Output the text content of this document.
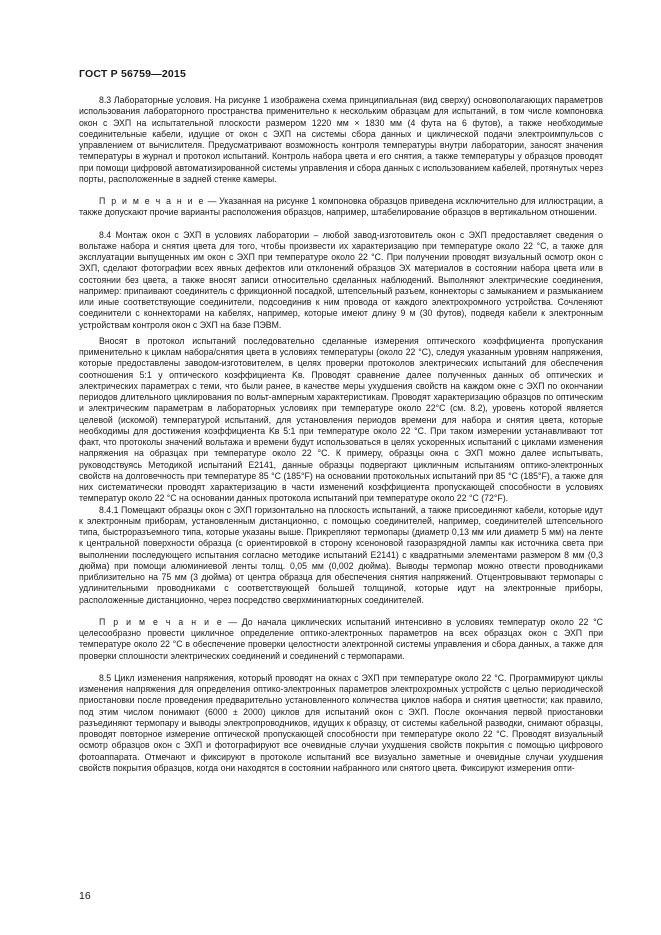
ГОСТ Р 56759—2015

8.3 Лабораторные условия. На рисунке 1 изображена схема принципиальная (вид сверху) основополагающих параметров использования лабораторного пространства применительно к нескольким образцам для испытаний, в том числе компоновка окон с ЭХП на испытательной плоскости размером 1220 мм × 1830 мм (4 фута на 6 футов), а также необходимые соединительные кабели, идущие от окон с ЭХП на системы сбора данных и циклической подачи электроимпульсов с управлением от вычислителя. Предусматривают возможность контроля температуры внутри лаборатории, заносят значения температуры в журнал и протокол испытаний. Контроль набора цвета и его снятия, а также температуры у образцов проводят при помощи цифровой автоматизированной системы управления и сбора данных с использованием кабелей, протянутых через порты, расположенные в задней стенке камеры.

П р и м е ч а н и е — Указанная на рисунке 1 компоновка образцов приведена исключительно для иллюстрации, а также допускают прочие варианты расположения образцов, например, штабелирование образцов в вертикальном отношении.

8.4 Монтаж окон с ЭХП в условиях лаборатории – любой завод-изготовитель окон с ЭХП предоставляет сведения о вольтаже набора и снятия цвета для того, чтобы произвести их характеризацию при температуре около 22 °С, а также для эксплуатации выпущенных им окон с ЭХП при температуре около 22 °С. При получении проводят визуальный осмотр окон с ЭХП, сделают фотографии всех явных дефектов или отклонений образцов ЭХ материалов в состоянии набора цвета или в состоянии без цвета, а также вносят записи относительно сделанных наблюдений. Выполняют электрические соединения, например: припаивают соединитель с фрикционной посадкой, штепсельный разъем, коннекторы с замыканием и размыканием или иные соответствующие соединители, подсоединив к ним провода от каждого электрохромного устройства. Сочленяют соединители с коннекторами на кабелях, например, которые имеют длину 9 м (30 футов), подведя кабели к электронным устройствам контроля окон с ЭХП на базе ПЭВМ.

Вносят в протокол испытаний последовательно сделанные измерения оптического коэффициента пропускания применительно к циклам набора/снятия цвета в условиях температуры (около 22 °С), следуя указанным уровням напряжения, которые предоставлены заводом-изготовителем, в целях проверки протоколов электрических испытаний для обеспечения соотношения 5:1 у оптического коэффициента Kв. Проводят сравнение далее полученных данных об оптических и электрических параметрах с теми, что были ранее, в качестве меры ухудшения свойств на каждом окне с ЭХП по окончании периодов длительного циклирования по вольт-амперным характеристикам. Проводят характеризацию образцов по оптическим и электрическим параметрам в лабораторных условиях при температуре около 22°С (см. 8.2), уровень которой является целевой (искомой) температурой испытаний, для установления периодов времени для набора и снятия цвета, которые необходимы для достижения коэффициента Kв 5:1 при температуре около 22 °С. При таком измерении устанавливают тот факт, что протоколы значений вольтажа и времени будут использоваться в целях ускоренных испытаний с циклами изменения напряжения на образцах при температуре около 22 °С. К примеру, образцы окна с ЭХП можно далее испытывать, руководствуясь Методикой испытаний Е2141, данные образцы подвергают цикличным испытаниям оптико-электронных свойств на долговечность при температуре 85 °С (185°F) на основании протокольных испытаний при 85 °С (185°F), а также для них систематически проводят характеризацию в части изменений коэффициента пропускающей способности в условиях температур около 22 °С на основании данных протокола испытаний при температуре около 22 °С (72°F).

8.4.1 Помещают образцы окон с ЭХП горизонтально на плоскость испытаний, а также присоединяют кабели, которые идут к электронным приборам, установленным дистанционно, с помощью соединителей, например, соединителей штепсельного типа, быстроразъемного типа, которые указаны выше. Прикрепляют термопары (диаметр 0,13 мм или диаметр 5 мм) на ленте к центральной поверхности образца (с ориентировкой в сторону ксеноновой газоразрядной лампы как источника света при выполнении последующего испытания согласно методике испытаний Е2141) с квадратными элементами размером 8 мм (0,3 дюйма) при помощи алюминиевой ленты толщ. 0,05 мм (0,002 дюйма). Выводы термопар можно отвести проводниками приблизительно на 75 мм (3 дюйма) от центра образца для обеспечения снятия напряжений. Отцентровывают термопары с удлинительными проводниками с соответствующей большей толщиной, которые идут на электронные приборы, расположенные дистанционно, через посредство сверхминиатюрных соединителей.

П р и м е ч а н и е — До начала циклических испытаний интенсивно в условиях температур около 22 °С целесообразно провести цикличное определение оптико-электронных параметров на всех образцах окон с ЭХП при температуре около 22 °С в обеспечение проверки целостности электронной системы управления и сбора данных, а также для проверки сплошности электрических соединений и соединений с термопарами.

8.5 Цикл изменения напряжения, который проводят на окнах с ЭХП при температуре около 22 °С. Программируют циклы изменения напряжения для определения оптико-электронных параметров электрохромных устройств с целью периодической приостановки после проведения предварительно установленного количества циклов набора и снятия цветности; как правило, под этим числом понимают (6000 ± 2000) циклов для испытаний окон с ЭХП. После окончания первой приостановки разъединяют термопару и выводы электропроводников, идущих к образцу, от системы кабельной разводки, снимают образцы, проводят повторное измерение оптической пропускающей способности при температуре около 22 °С. Проводят визуальный осмотр образцов окон с ЭХП и фотографируют все очевидные случаи ухудшения свойств покрытия с помощью цифрового фотоаппарата. Отмечают и фиксируют в протоколе испытаний все визуально заметные и очевидные случаи ухудшения свойств покрытия образцов, когда они находятся в состоянии набранного или снятого цвета. Фиксируют измерения опти-

16
